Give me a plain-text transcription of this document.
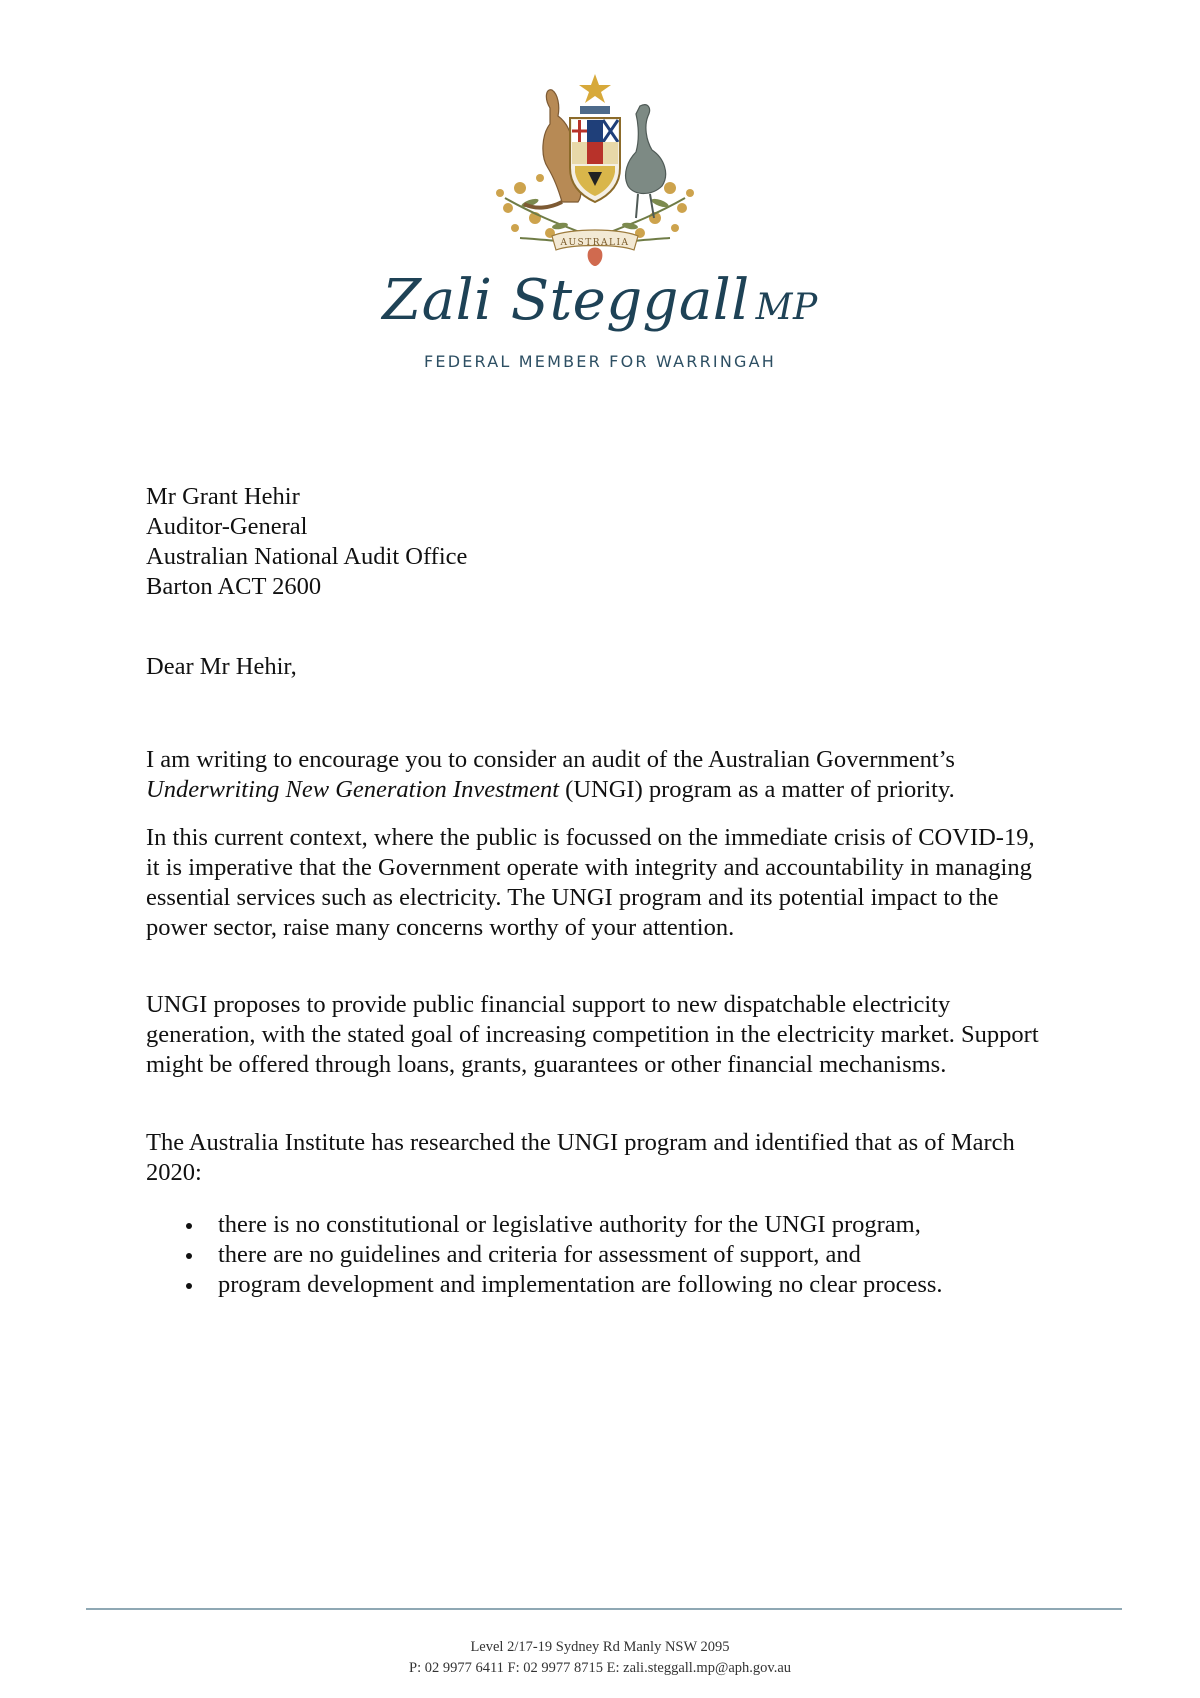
AUSTRALIA
Zali Steggall MP
FEDERAL MEMBER FOR WARRINGAH
Mr Grant Hehir
Auditor-General
Australian National Audit Office
Barton ACT 2600
Dear Mr Hehir,

I am writing to encourage you to consider an audit of the Australian Government’s Underwriting New Generation Investment (UNGI) program as a matter of priority.

In this current context, where the public is focussed on the immediate crisis of COVID-19, it is imperative that the Government operate with integrity and accountability in managing essential services such as electricity. The UNGI program and its potential impact to the power sector, raise many concerns worthy of your attention.

UNGI proposes to provide public financial support to new dispatchable electricity generation, with the stated goal of increasing competition in the electricity market. Support might be offered through loans, grants, guarantees or other financial mechanisms.

The Australia Institute has researched the UNGI program and identified that as of March 2020:

there is no constitutional or legislative authority for the UNGI program,
there are no guidelines and criteria for assessment of support, and
program development and implementation are following no clear process.
Level 2/17-19 Sydney Rd Manly NSW 2095
P: 02 9977 6411 F: 02 9977 8715 E: zali.steggall.mp@aph.gov.au
